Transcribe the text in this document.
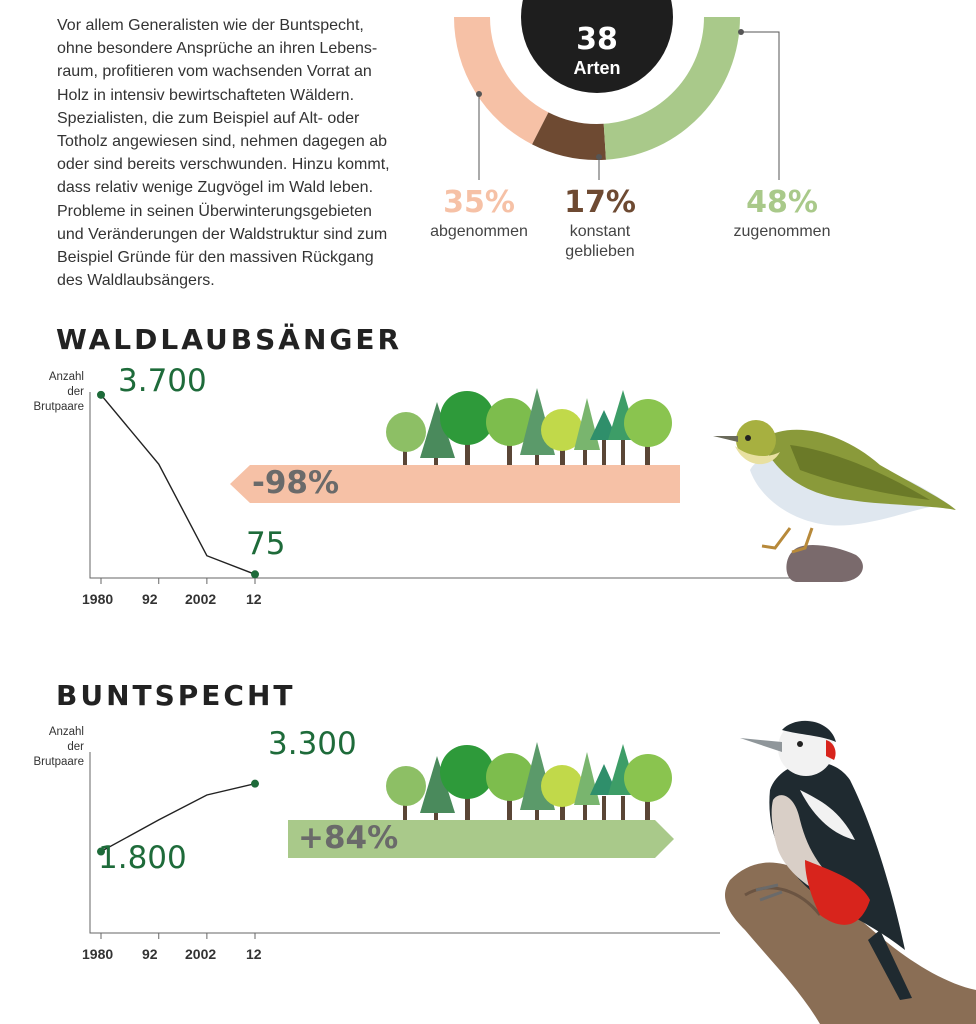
Vor allem Generalisten wie der Buntspecht,
ohne besondere Ansprüche an ihren Lebens-
raum, profitieren vom wachsenden Vorrat an
Holz in intensiv bewirtschafteten Wäldern.
Spezialisten, die zum Beispiel auf Alt- oder
Totholz angewiesen sind, nehmen dagegen ab
oder sind bereits verschwunden. Hinzu kommt,
dass relativ wenige Zugvögel im Wald leben.
Probleme in seinen Überwinterungsgebieten
und Veränderungen der Waldstruktur sind zum
Beispiel Gründe für den massiven Rückgang
des Waldlaubsängers.

38
Arten
35%
abgenommen
17%
konstant
geblieben
48%
zugenommen
WALDLAUBSÄNGER
Anzahl
der
Brutpaare
3.700
75
-98%
1980 92 2002 12
BUNTSPECHT
Anzahl
der
Brutpaare	3.300
1.800
+84%
1980 92 2002 12
